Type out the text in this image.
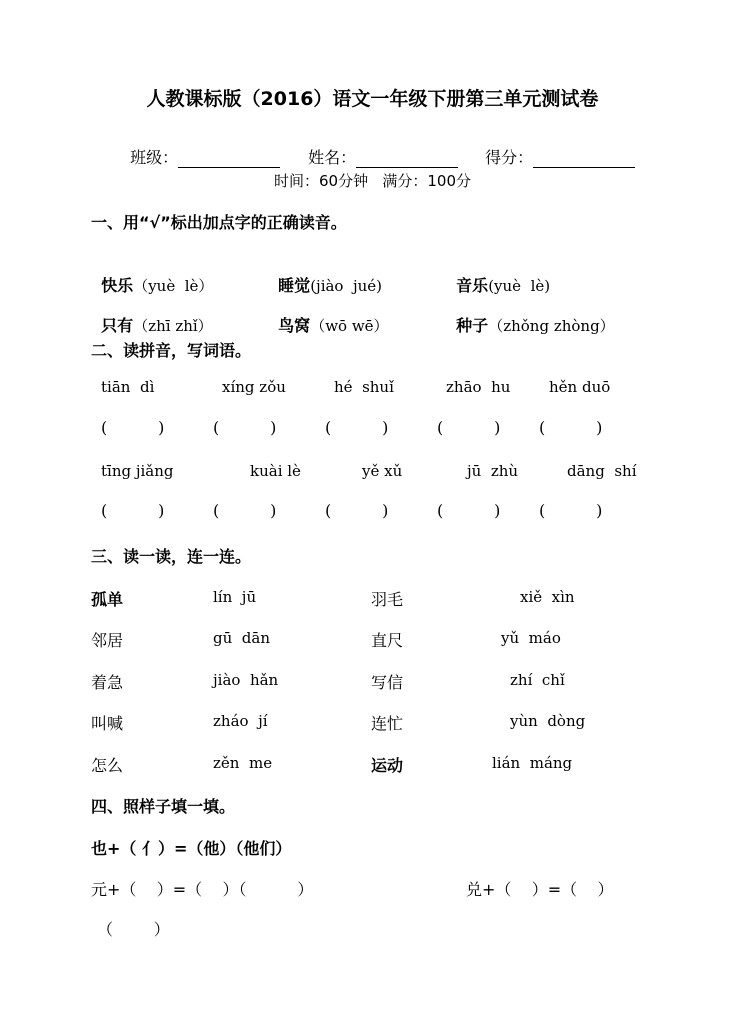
人教课标版（2016）语文一年级下册第三单元测试卷

班级：	姓名：	得分：

时间：60分钟   满分：100分
一、用“√”标出加点字的正确读音。

快乐（yuè  lè）	睡觉(jiào  jué)	音乐(yuè  lè)

只有（zhī zhǐ）	鸟窝（wō wē）	种子（zhǒng zhòng）

二、读拼音，写词语。
tiān  dì	xíng zǒu	hé  shuǐ	zhāo  hu	hěn duō
(          )	(          )	(          )	(          ) (          )
tīng jiǎng	kuài lè	yě xǔ	jū  zhù	dāng  shí
(          )	(          )	(          )	(          ) (          )
三、读一读，连一连。
孤单	lín  jū	羽毛	xiě  xìn
邻居	gū  dān	直尺	yǔ  máo
着急	jiào  hǎn	写信	zhí  chǐ
叫喊	zháo  jí	连忙	yùn  dòng
怎么	zěn  me	运动	lián  máng
四、照样子填一填。
也+（ 亻）=（他）（他们）
元+（    ）=（    ）（          ）	兑+（    ）=（    ）
（        ）
